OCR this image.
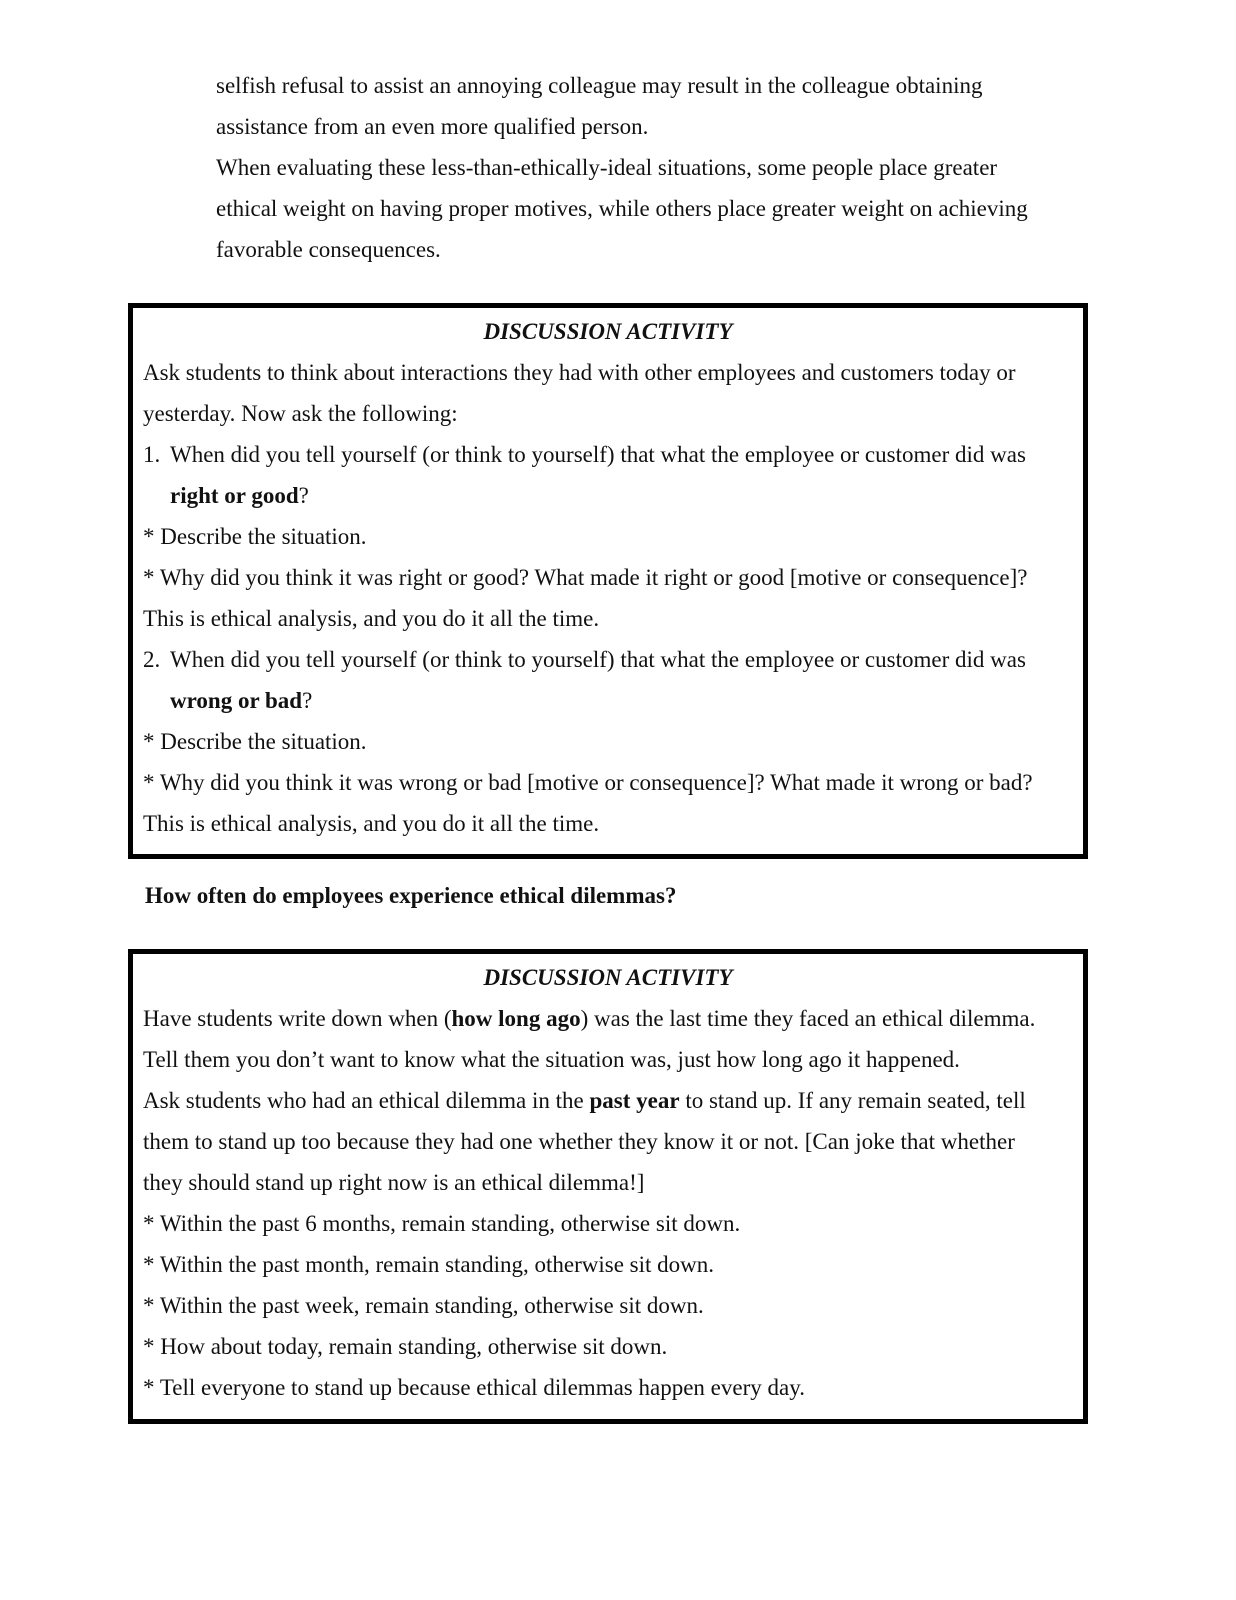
selfish refusal to assist an annoying colleague may result in the colleague obtaining

assistance from an even more qualified person.

When evaluating these less-than-ethically-ideal situations, some people place greater

ethical weight on having proper motives, while others place greater weight on achieving

favorable consequences.

DISCUSSION ACTIVITY

Ask students to think about interactions they had with other employees and customers today or

yesterday. Now ask the following:

1. When did you tell yourself (or think to yourself) that what the employee or customer did was

right or good?

* Describe the situation.

* Why did you think it was right or good? What made it right or good [motive or consequence]?

This is ethical analysis, and you do it all the time.

2. When did you tell yourself (or think to yourself) that what the employee or customer did was

wrong or bad?

* Describe the situation.

* Why did you think it was wrong or bad [motive or consequence]? What made it wrong or bad?

This is ethical analysis, and you do it all the time.

How often do employees experience ethical dilemmas?

DISCUSSION ACTIVITY

Have students write down when (how long ago) was the last time they faced an ethical dilemma.

Tell them you don’t want to know what the situation was, just how long ago it happened.

Ask students who had an ethical dilemma in the past year to stand up. If any remain seated, tell

them to stand up too because they had one whether they know it or not. [Can joke that whether

they should stand up right now is an ethical dilemma!]

* Within the past 6 months, remain standing, otherwise sit down.

* Within the past month, remain standing, otherwise sit down.

* Within the past week, remain standing, otherwise sit down.

* How about today, remain standing, otherwise sit down.

* Tell everyone to stand up because ethical dilemmas happen every day.
